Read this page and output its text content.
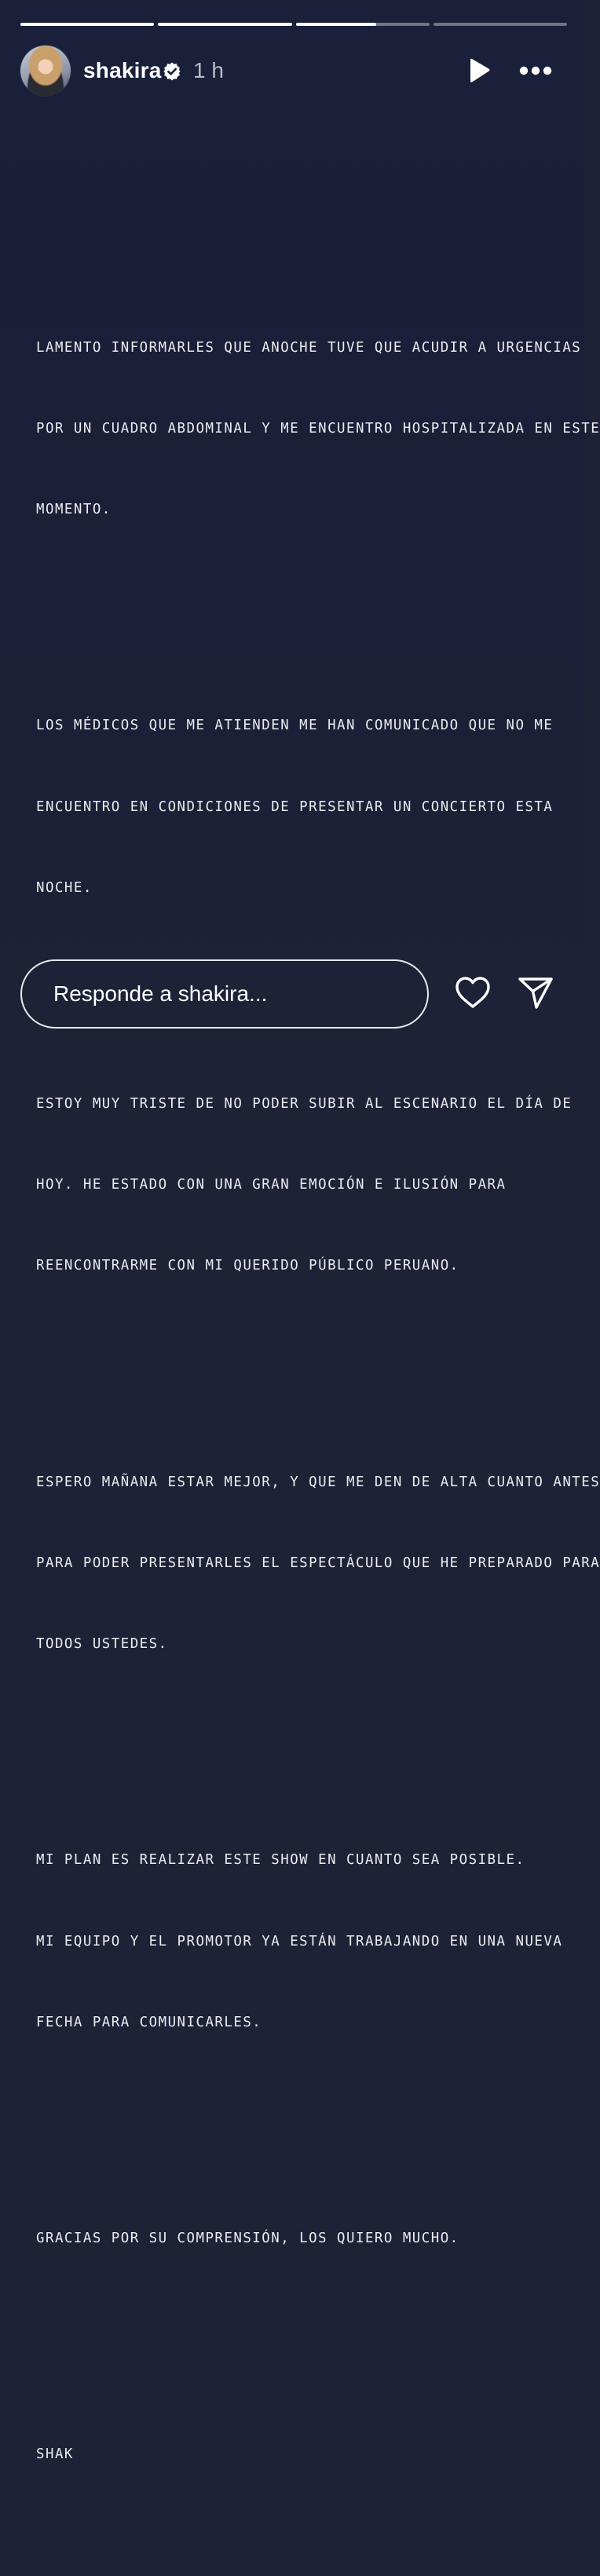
shakira 1 h

LAMENTO INFORMARLES QUE ANOCHE TUVE QUE ACUDIR A URGENCIAS

POR UN CUADRO ABDOMINAL Y ME ENCUENTRO HOSPITALIZADA EN ESTE

MOMENTO.

LOS MÉDICOS QUE ME ATIENDEN ME HAN COMUNICADO QUE NO ME

ENCUENTRO EN CONDICIONES DE PRESENTAR UN CONCIERTO ESTA

NOCHE.

ESTOY MUY TRISTE DE NO PODER SUBIR AL ESCENARIO EL DÍA DE

HOY. HE ESTADO CON UNA GRAN EMOCIÓN E ILUSIÓN PARA

REENCONTRARME CON MI QUERIDO PÚBLICO PERUANO.

ESPERO MAÑANA ESTAR MEJOR, Y QUE ME DEN DE ALTA CUANTO ANTES

PARA PODER PRESENTARLES EL ESPECTÁCULO QUE HE PREPARADO PARA

TODOS USTEDES.

MI PLAN ES REALIZAR ESTE SHOW EN CUANTO SEA POSIBLE.

MI EQUIPO Y EL PROMOTOR YA ESTÁN TRABAJANDO EN UNA NUEVA

FECHA PARA COMUNICARLES.

GRACIAS POR SU COMPRENSIÓN, LOS QUIERO MUCHO.

SHAK

Responde a shakira...
